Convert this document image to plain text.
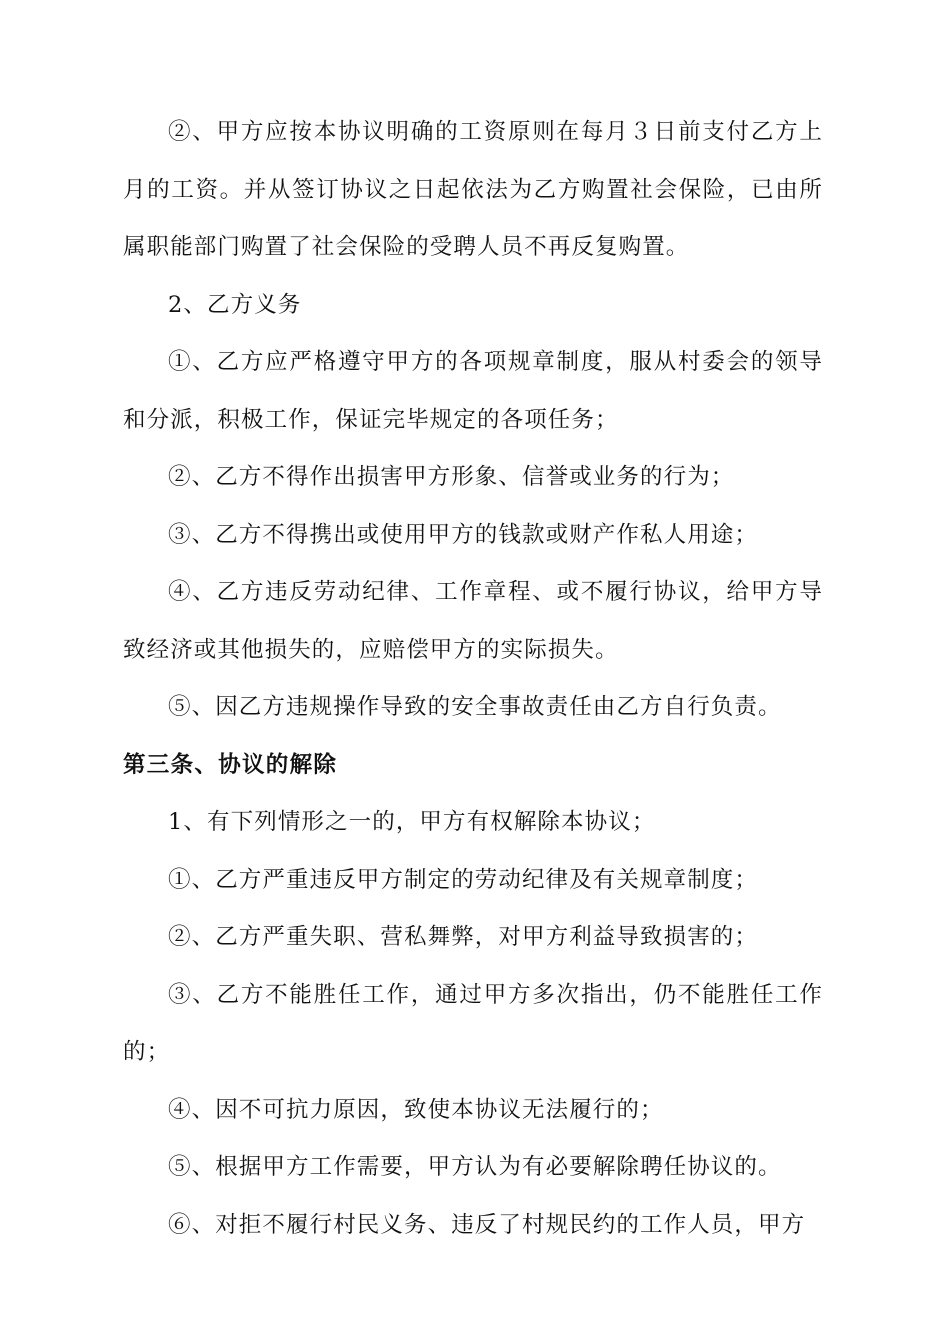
②、甲方应按本协议明确的工资原则在每月３日前支付乙方上月的工资。并从签订协议之日起依法为乙方购置社会保险，已由所属职能部门购置了社会保险的受聘人员不再反复购置。

2、乙方义务

①、乙方应严格遵守甲方的各项规章制度，服从村委会的领导和分派，积极工作，保证完毕规定的各项任务；

②、乙方不得作出损害甲方形象、信誉或业务的行为；

③、乙方不得携出或使用甲方的钱款或财产作私人用途；

④、乙方违反劳动纪律、工作章程、或不履行协议，给甲方导致经济或其他损失的，应赔偿甲方的实际损失。

⑤、因乙方违规操作导致的安全事故责任由乙方自行负责。

第三条、协议的解除

1、有下列情形之一的，甲方有权解除本协议；

①、乙方严重违反甲方制定的劳动纪律及有关规章制度；

②、乙方严重失职、营私舞弊，对甲方利益导致损害的；

③、乙方不能胜任工作，通过甲方多次指出，仍不能胜任工作的；

④、因不可抗力原因，致使本协议无法履行的；

⑤、根据甲方工作需要，甲方认为有必要解除聘任协议的。

⑥、对拒不履行村民义务、违反了村规民约的工作人员，甲方
